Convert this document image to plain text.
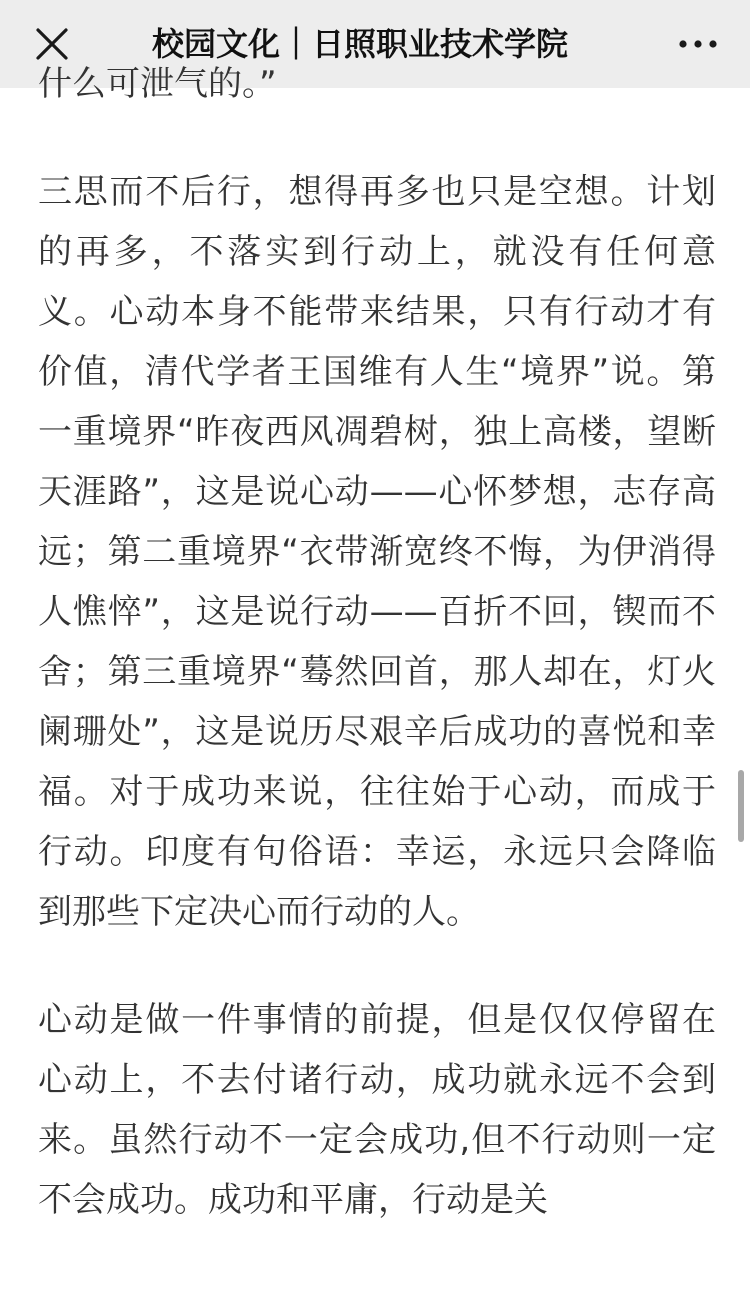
校园文化｜日照职业技术学院

什么可泄气的。”

三思而不后行，想得再多也只是空想。计划的再多，不落实到行动上，就没有任何意义。心动本身不能带来结果，只有行动才有价值，清代学者王国维有人生“境界”说。第一重境界“昨夜西风凋碧树，独上高楼，望断天涯路”，这是说心动——心怀梦想，志存高远；第二重境界“衣带渐宽终不悔，为伊消得人憔悴”，这是说行动——百折不回，锲而不舍；第三重境界“蓦然回首，那人却在，灯火阑珊处”，这是说历尽艰辛后成功的喜悦和幸福。对于成功来说，往往始于心动，而成于行动。印度有句俗语：幸运，永远只会降临到那些下定决心而行动的人。

心动是做一件事情的前提，但是仅仅停留在心动上，不去付诸行动，成功就永远不会到来。虽然行动不一定会成功,但不行动则一定不会成功。成功和平庸，行动是关
